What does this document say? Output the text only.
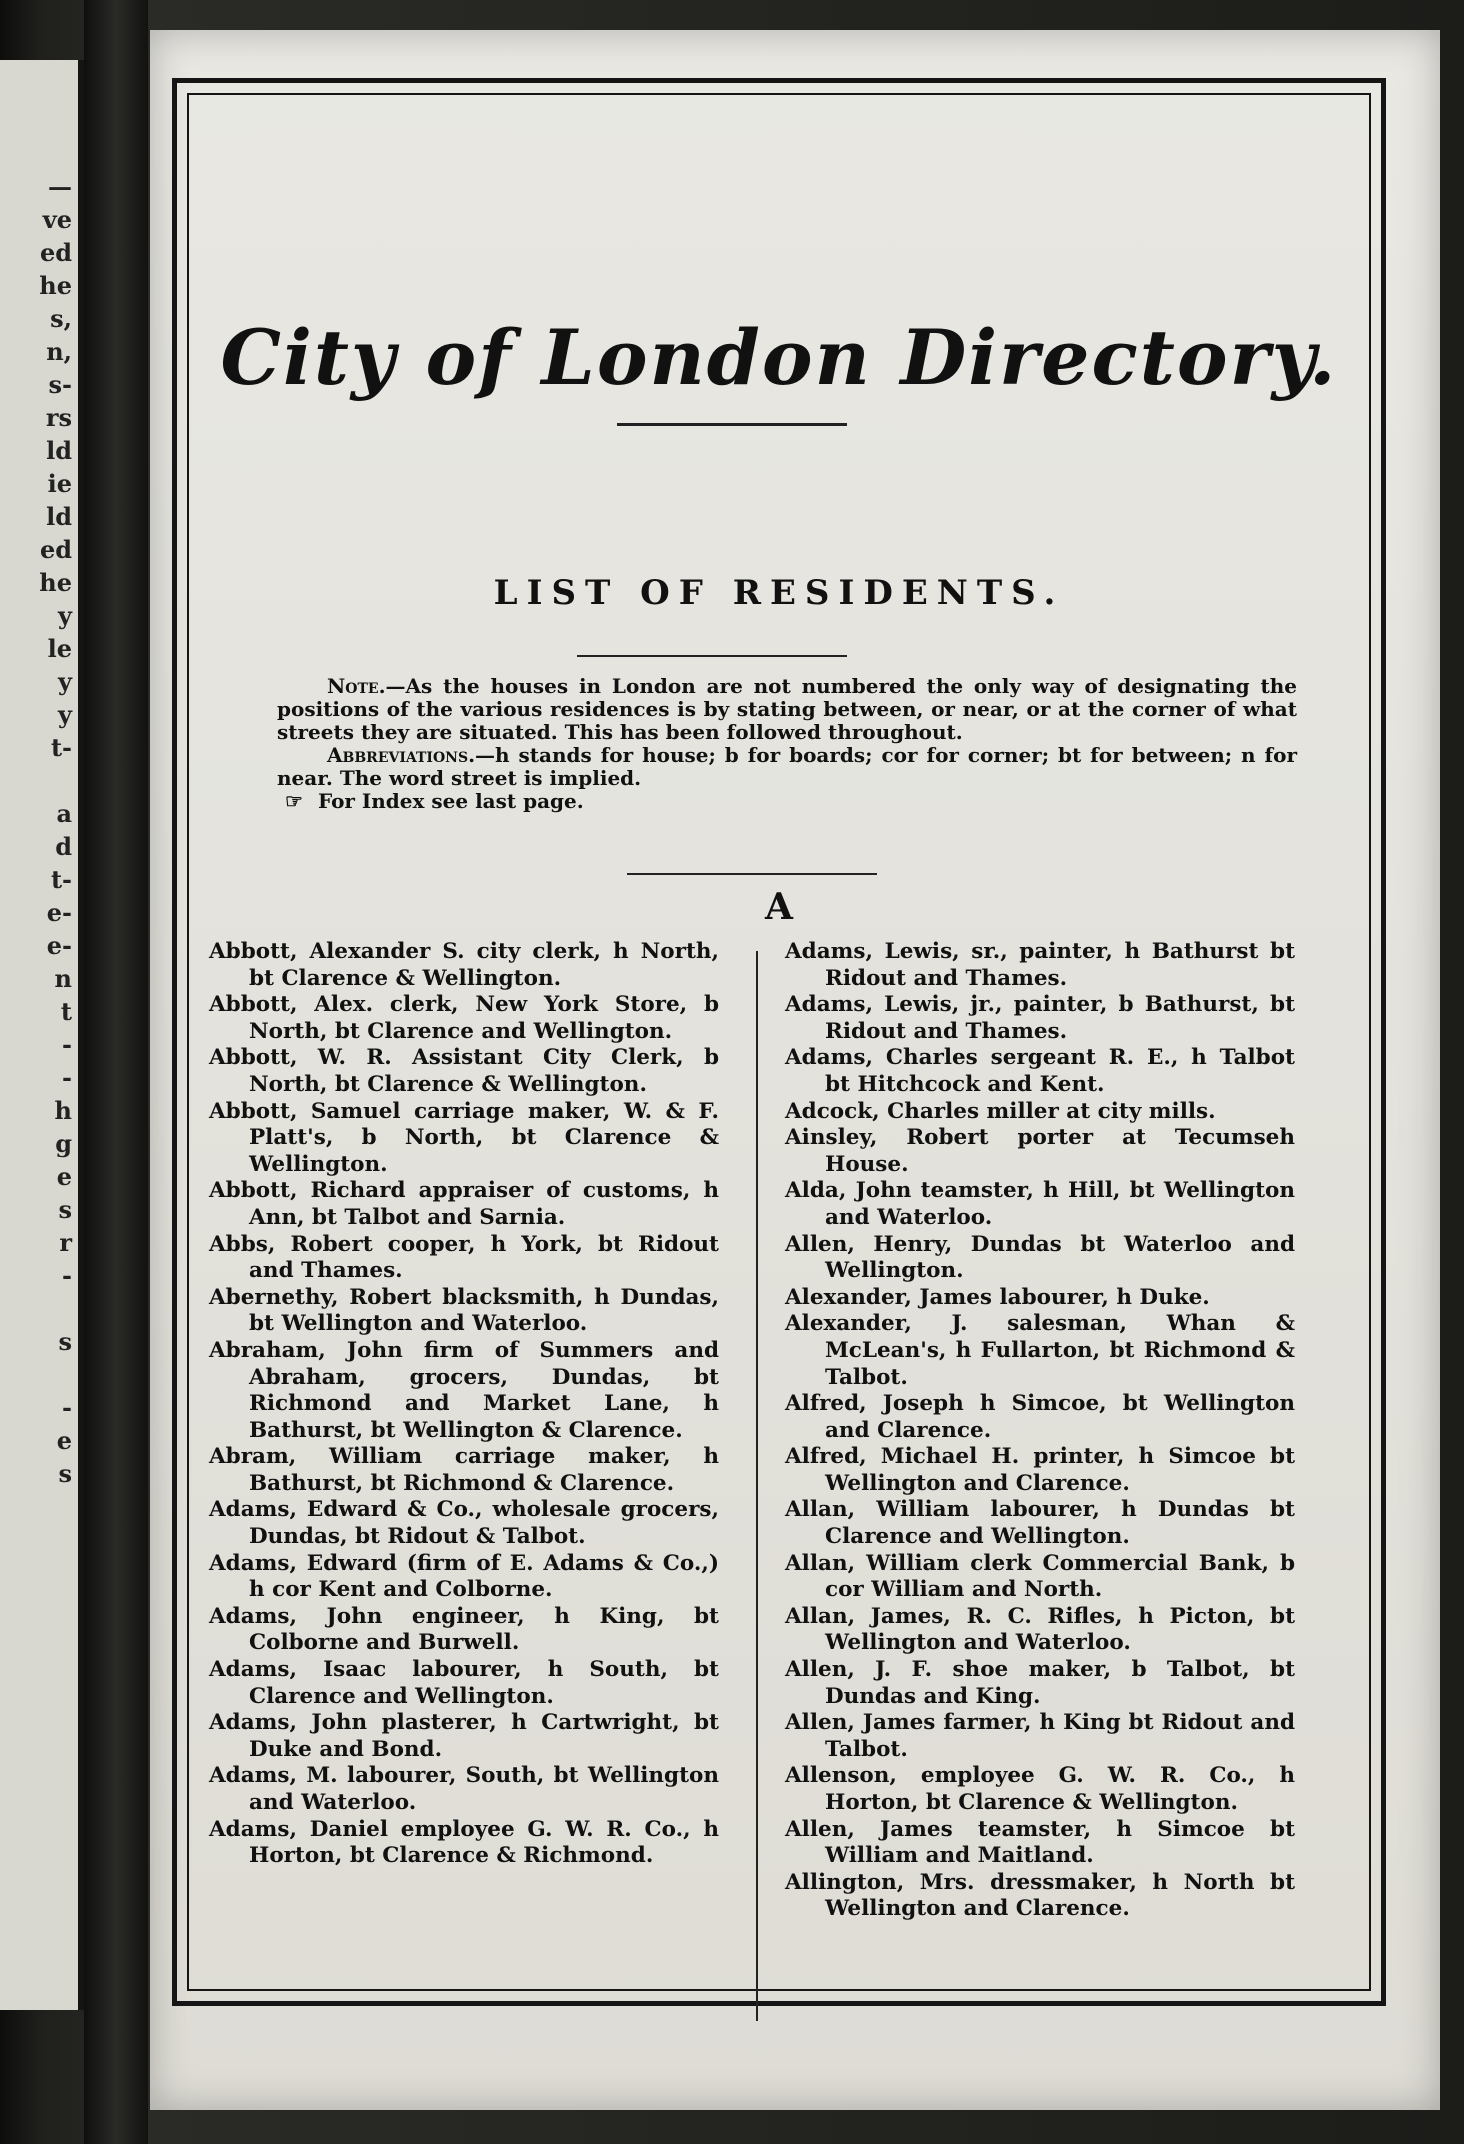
—
ve
ed
he
s,
n,
s-
rs
ld
ie
ld
ed
he
y
le
y
y
t-
a
d
t-
e-
e-
n
t
-
-
h
g
e
s
r
-
s
-
e
s
City of London Directory.
LIST OF RESIDENTS.

Note.—As the houses in London are not numbered the only way of designating the positions of the various residences is by stating between, or near, or at the corner of what streets they are situated. This has been followed throughout.

Abbreviations.—h stands for house; b for boards; cor for corner; bt for between; n for near. The word street is implied.

☞ For Index see last page.

A

Abbott, Alexander S. city clerk, h North, bt Clarence & Wellington.

Abbott, Alex. clerk, New York Store, b North, bt Clarence and Wellington.

Abbott, W. R. Assistant City Clerk, b North, bt Clarence & Wellington.

Abbott, Samuel carriage maker, W. & F. Platt's, b North, bt Clarence & Wellington.

Abbott, Richard appraiser of customs, h Ann, bt Talbot and Sarnia.

Abbs, Robert cooper, h York, bt Ridout and Thames.

Abernethy, Robert blacksmith, h Dundas, bt Wellington and Waterloo.

Abraham, John firm of Summers and Abraham, grocers, Dundas, bt Richmond and Market Lane, h Bathurst, bt Wellington & Clarence.

Abram, William carriage maker, h Bathurst, bt Richmond & Clarence.

Adams, Edward & Co., wholesale grocers, Dundas, bt Ridout & Talbot.

Adams, Edward (firm of E. Adams & Co.,) h cor Kent and Colborne.

Adams, John engineer, h King, bt Colborne and Burwell.

Adams, Isaac labourer, h South, bt Clarence and Wellington.

Adams, John plasterer, h Cartwright, bt Duke and Bond.

Adams, M. labourer, South, bt Wellington and Waterloo.

Adams, Daniel employee G. W. R. Co., h Horton, bt Clarence & Richmond.

Adams, Lewis, sr., painter, h Bathurst bt Ridout and Thames.

Adams, Lewis, jr., painter, b Bathurst, bt Ridout and Thames.

Adams, Charles sergeant R. E., h Talbot bt Hitchcock and Kent.

Adcock, Charles miller at city mills.

Ainsley, Robert porter at Tecumseh House.

Alda, John teamster, h Hill, bt Wellington and Waterloo.

Allen, Henry, Dundas bt Waterloo and Wellington.

Alexander, James labourer, h Duke.

Alexander, J. salesman, Whan & McLean's, h Fullarton, bt Richmond & Talbot.

Alfred, Joseph h Simcoe, bt Wellington and Clarence.

Alfred, Michael H. printer, h Simcoe bt Wellington and Clarence.

Allan, William labourer, h Dundas bt Clarence and Wellington.

Allan, William clerk Commercial Bank, b cor William and North.

Allan, James, R. C. Rifles, h Picton, bt Wellington and Waterloo.

Allen, J. F. shoe maker, b Talbot, bt Dundas and King.

Allen, James farmer, h King bt Ridout and Talbot.

Allenson, employee G. W. R. Co., h Horton, bt Clarence & Wellington.

Allen, James teamster, h Simcoe bt William and Maitland.

Allington, Mrs. dressmaker, h North bt Wellington and Clarence.
